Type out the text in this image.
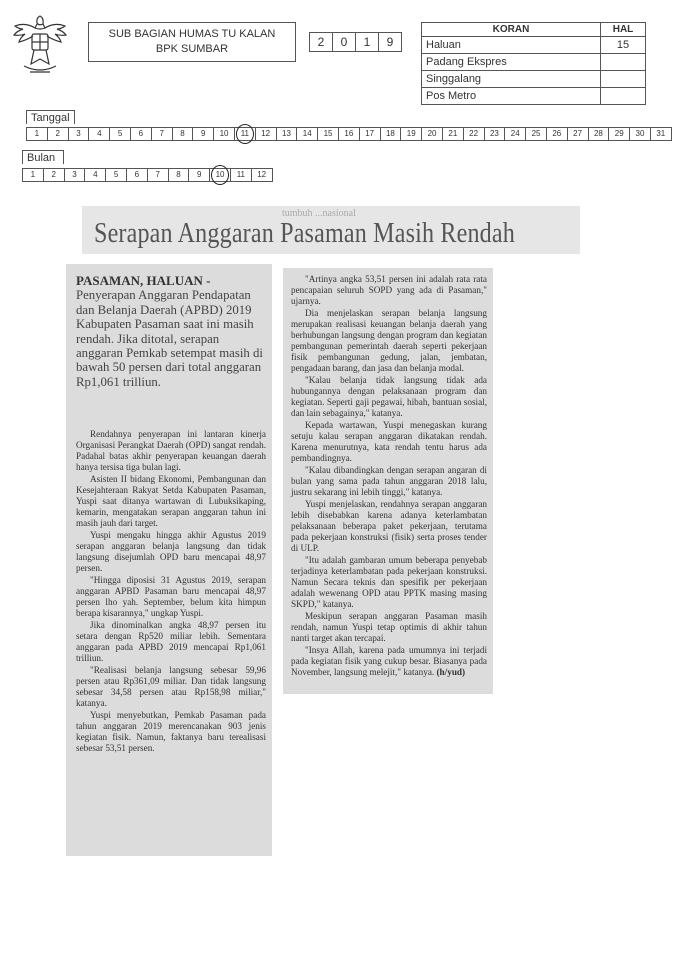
SUB BAGIAN HUMAS TU KALAN
BPK SUMBAR	2	0	1	9
KORAN	HAL
Haluan	15
Padang Ekspres	
Singgalang	
Pos Metro	
Tanggal
1	2	3	4	5	6	7	8	9	10	11	12	13	14	15	16	17	18	19	20	21	22	23	24	25	26	27	28	29	30	31
Bulan
1	2	3	4	5	6	7	8	9	10	11	12
tumbuh ...nasional
Serapan Anggaran Pasaman Masih Rendah
PASAMAN, HALUAN - Penyerapan Anggaran Pendapatan dan Belanja Daerah (APBD) 2019 Kabupaten Pasaman saat ini masih rendah. Jika ditotal, serapan anggaran Pemkab setempat masih di bawah 50 persen dari total anggaran Rp1,061 trilliun.

Rendahnya penyerapan ini lantaran kinerja Organisasi Perangkat Daerah (OPD) sangat rendah. Padahal batas akhir penyerapan keuangan daerah hanya tersisa tiga bulan lagi.

Asisten II bidang Ekonomi, Pembangunan dan Kesejahteraan Rakyat Setda Kabupaten Pasaman, Yuspi saat ditanya wartawan di Lubuksikaping, kemarin, mengatakan serapan anggaran tahun ini masih jauh dari target.

Yuspi mengaku hingga akhir Agustus 2019 serapan anggaran belanja langsung dan tidak langsung disejumlah OPD baru mencapai 48,97 persen.

"Hingga diposisi 31 Agustus 2019, serapan anggaran APBD Pasaman baru mencapai 48,97 persen lho yah. September, belum kita himpun berapa kisarannya," ungkap Yuspi.

Jika dinominalkan angka 48,97 persen itu setara dengan Rp520 miliar lebih. Sementara anggaran pada APBD 2019 mencapai Rp1,061 trilliun.

"Realisasi belanja langsung sebesar 59,96 persen atau Rp361,09 miliar. Dan tidak langsung sebesar 34,58 persen atau Rp158,98 miliar," katanya.

Yuspi menyebutkan, Pemkab Pasaman pada tahun anggaran 2019 merencanakan 903 jenis kegiatan fisik. Namun, faktanya baru terealisasi sebesar 53,51 persen.

"Artinya angka 53,51 persen ini adalah rata rata pencapaian seluruh SOPD yang ada di Pasaman," ujarnya.

Dia menjelaskan serapan belanja langsung merupakan realisasi keuangan belanja daerah yang berhubungan langsung dengan program dan kegiatan pembangunan pemerintah daerah seperti pekerjaan fisik pembangunan gedung, jalan, jembatan, pengadaan barang, dan jasa dan belanja modal.

"Kalau belanja tidak langsung tidak ada hubungannya dengan pelaksanaan program dan kegiatan. Seperti gaji pegawai, hibah, bantuan sosial, dan lain sebagainya," katanya.

Kepada wartawan, Yuspi menegaskan kurang setuju kalau serapan anggaran dikatakan rendah. Karena menurutnya, kata rendah tentu harus ada pembandingnya.

"Kalau dibandingkan dengan serapan angaran di bulan yang sama pada tahun anggaran 2018 lalu, justru sekarang ini lebih tinggi," katanya.

Yuspi menjelaskan, rendahnya serapan anggaran lebih disebabkan karena adanya keterlambatan pelaksanaan beberapa paket pekerjaan, terutama pada pekerjaan konstruksi (fisik) serta proses tender di ULP.

"Itu adalah gambaran umum beberapa penyebab terjadinya keterlambatan pada pekerjaan konstruksi. Namun Secara teknis dan spesifik per pekerjaan adalah wewenang OPD atau PPTK masing masing SKPD," katanya.

Meskipun serapan anggaran Pasaman masih rendah, namun Yuspi tetap optimis di akhir tahun nanti target akan tercapai.

"Insya Allah, karena pada umumnya ini terjadi pada kegiatan fisik yang cukup besar. Biasanya pada November, langsung melejit," katanya. (h/yud)
